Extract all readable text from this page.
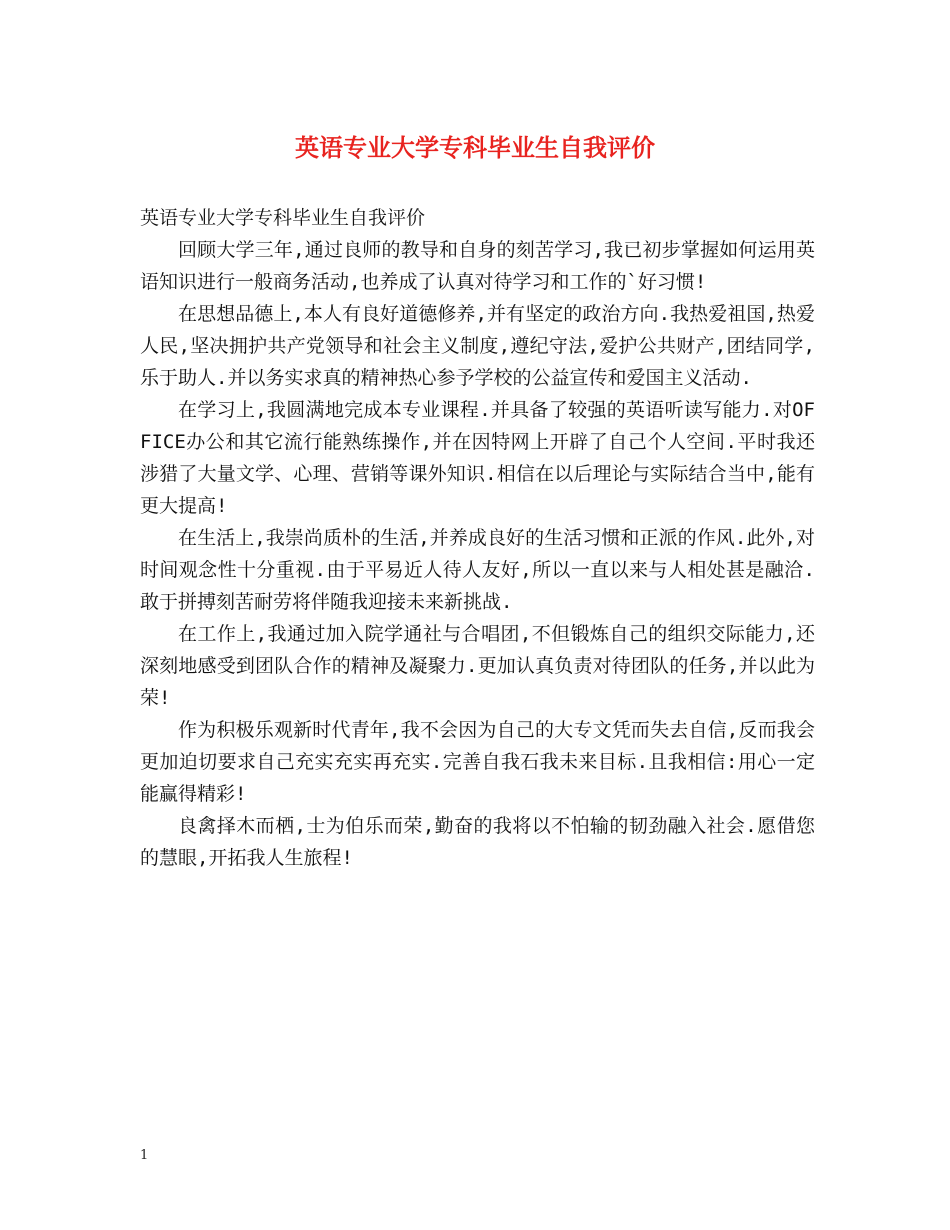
英语专业大学专科毕业生自我评价

英语专业大学专科毕业生自我评价

回顾大学三年,通过良师的教导和自身的刻苦学习,我已初步掌握如何运用英语知识进行一般商务活动,也养成了认真对待学习和工作的`好习惯!

在思想品德上,本人有良好道德修养,并有坚定的政治方向.我热爱祖国,热爱人民,坚决拥护共产党领导和社会主义制度,遵纪守法,爱护公共财产,团结同学,乐于助人.并以务实求真的精神热心参予学校的公益宣传和爱国主义活动.

在学习上,我圆满地完成本专业课程.并具备了较强的英语听读写能力.对OFFICE办公和其它流行能熟练操作,并在因特网上开辟了自己个人空间.平时我还涉猎了大量文学、心理、营销等课外知识.相信在以后理论与实际结合当中,能有更大提高!

在生活上,我崇尚质朴的生活,并养成良好的生活习惯和正派的作风.此外,对时间观念性十分重视.由于平易近人待人友好,所以一直以来与人相处甚是融洽.敢于拼搏刻苦耐劳将伴随我迎接未来新挑战.

在工作上,我通过加入院学通社与合唱团,不但锻炼自己的组织交际能力,还深刻地感受到团队合作的精神及凝聚力.更加认真负责对待团队的任务,并以此为荣!

作为积极乐观新时代青年,我不会因为自己的大专文凭而失去自信,反而我会更加迫切要求自己充实充实再充实.完善自我石我未来目标.且我相信:用心一定能赢得精彩!

良禽择木而栖,士为伯乐而荣,勤奋的我将以不怕输的韧劲融入社会.愿借您的慧眼,开拓我人生旅程!

1
